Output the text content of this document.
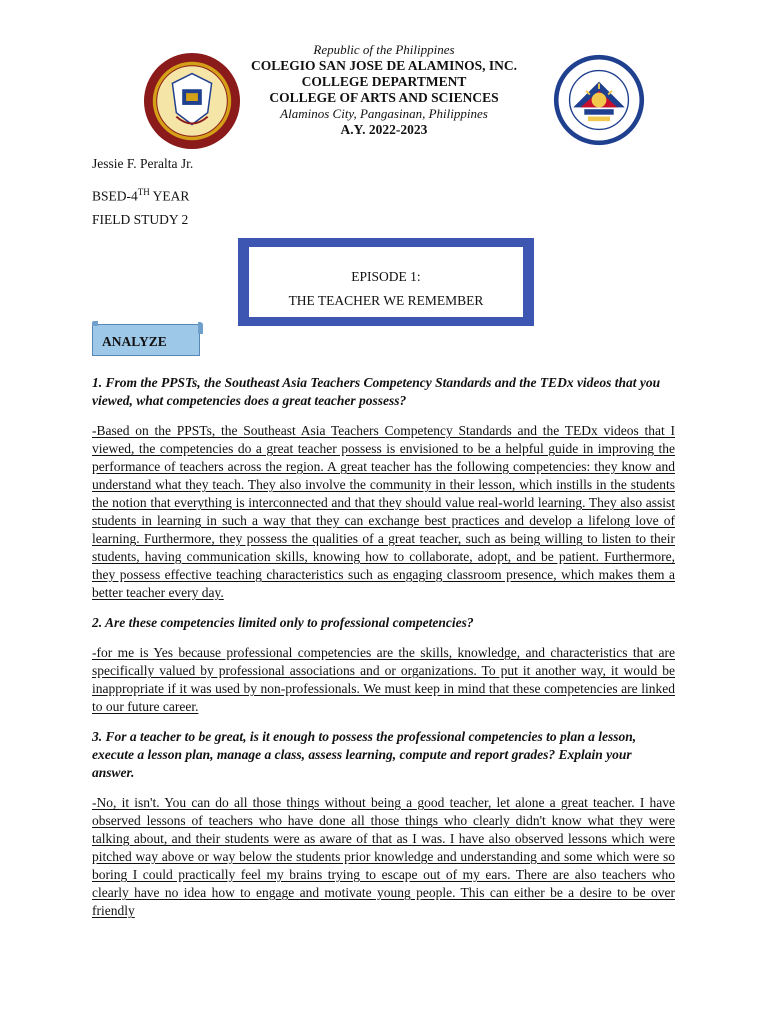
Republic of the Philippines
COLEGIO SAN JOSE DE ALAMINOS, INC.
COLLEGE DEPARTMENT
COLLEGE OF ARTS AND SCIENCES
Alaminos City, Pangasinan, Philippines
A.Y. 2022-2023
Jessie F. Peralta Jr.
BSED-4TH YEAR
FIELD STUDY 2
EPISODE 1:
THE TEACHER WE REMEMBER
ANALYZE

1. From the PPSTs, the Southeast Asia Teachers Competency Standards and the TEDx videos that you viewed, what competencies does a great teacher possess?

-Based on the PPSTs, the Southeast Asia Teachers Competency Standards and the TEDx videos that I viewed, the competencies do a great teacher possess is envisioned to be a helpful guide in improving the performance of teachers across the region. A great teacher has the following competencies: they know and understand what they teach. They also involve the community in their lesson, which instills in the students the notion that everything is interconnected and that they should value real-world learning. They also assist students in learning in such a way that they can exchange best practices and develop a lifelong love of learning. Furthermore, they possess the qualities of a great teacher, such as being willing to listen to their students, having communication skills, knowing how to collaborate, adopt, and be patient. Furthermore, they possess effective teaching characteristics such as engaging classroom presence, which makes them a better teacher every day.

2. Are these competencies limited only to professional competencies?

-for me is Yes because professional competencies are the skills, knowledge, and characteristics that are specifically valued by professional associations and or organizations. To put it another way, it would be inappropriate if it was used by non-professionals. We must keep in mind that these competencies are linked to our future career.

3. For a teacher to be great, is it enough to possess the professional competencies to plan a lesson, execute a lesson plan, manage a class, assess learning, compute and report grades? Explain your answer.

-No, it isn't. You can do all those things without being a good teacher, let alone a great teacher. I have observed lessons of teachers who have done all those things who clearly didn't know what they were talking about, and their students were as aware of that as I was. I have also observed lessons which were pitched way above or way below the students prior knowledge and understanding and some which were so boring I could practically feel my brains trying to escape out of my ears. There are also teachers who clearly have no idea how to engage and motivate young people. This can either be a desire to be over friendly
